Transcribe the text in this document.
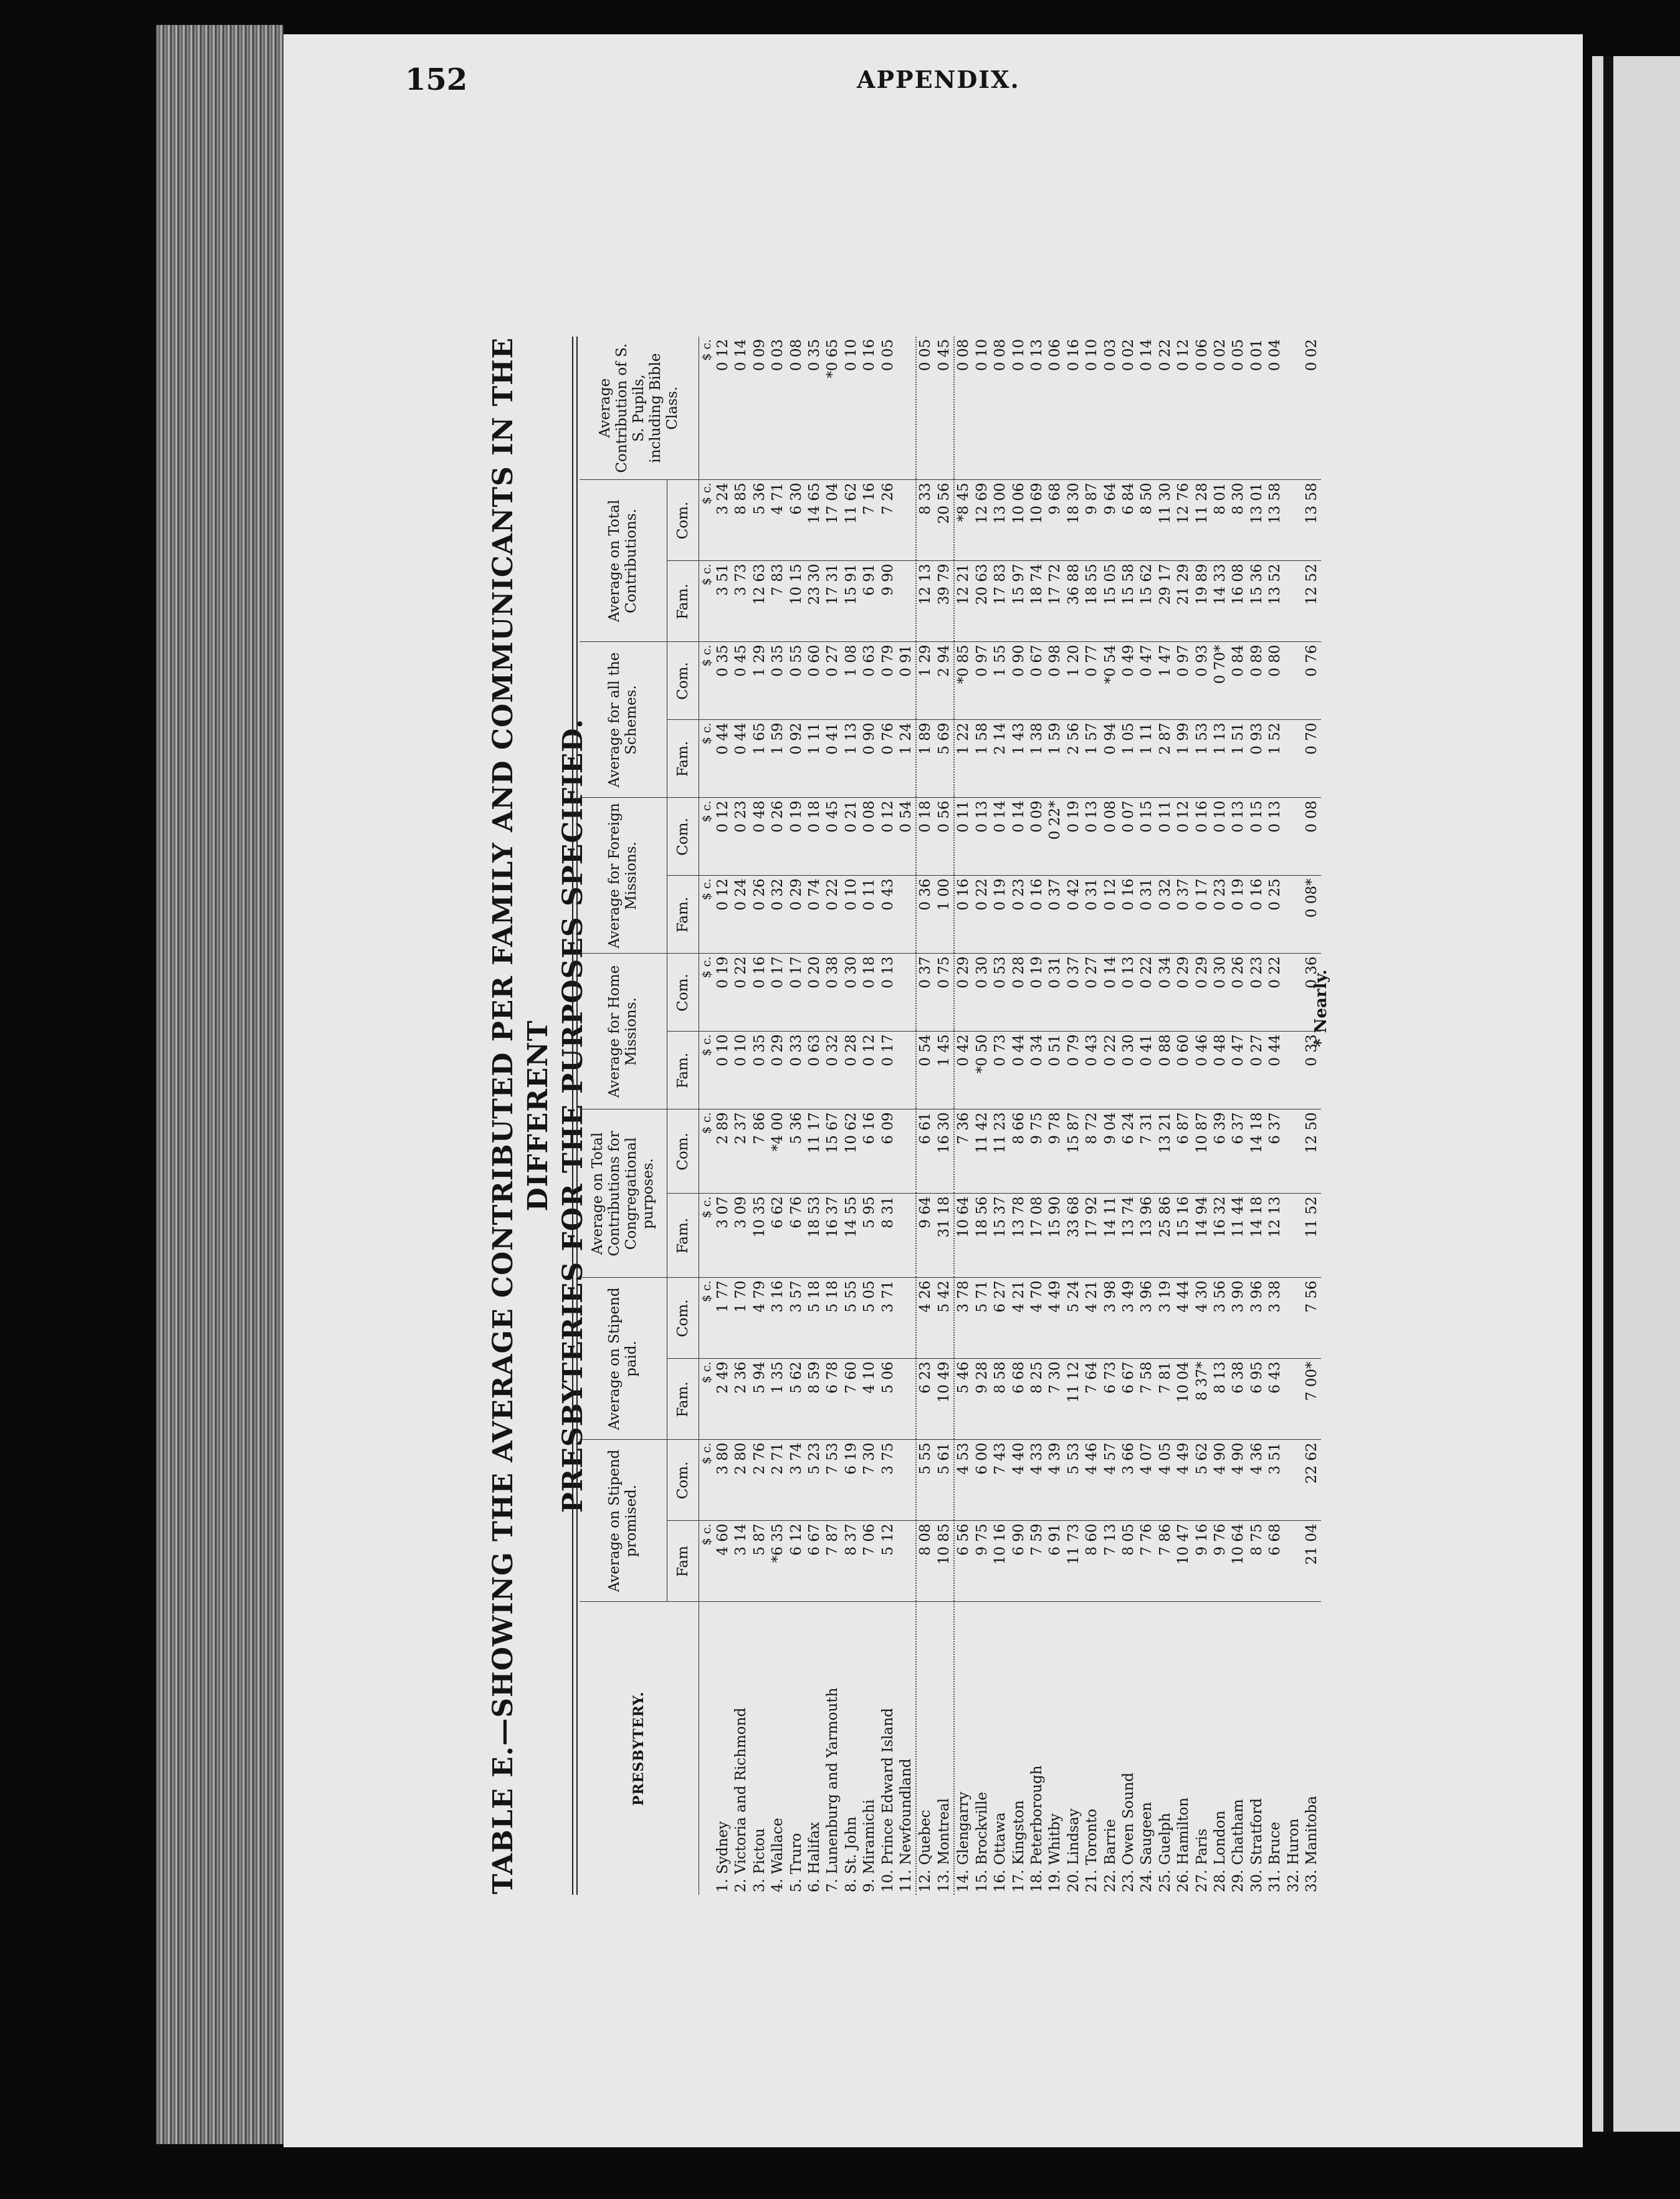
152	APPENDIX.
TABLE E.—SHOWING THE AVERAGE CONTRIBUTED PER FAMILY AND COMMUNICANTS IN THE DIFFERENT PRESBYTERIES FOR THE PURPOSES SPECIFIED.
PRESBYTERY.	Average on Stipend promised.		Average on Stipend paid.		Average on Total Contributions for Congregational purposes.		Average for Home Missions.		Average for Foreign Missions.		Average for all the Schemes.		Average on Total Contributions.		Average Contribution of S. S. Pupils, including Bible Class.
	Fam	Com.	Fam.	Com.	Fam.	Com.	Fam.	Com.	Fam.	Com.	Fam.	Com.	Fam.	Com.	
	$ c.	$ c.	$ c.	$ c.	$ c.	$ c.	$ c.	$ c.	$ c.	$ c.	$ c.	$ c.	$ c.	$ c.	$ c.
1. Sydney	4 60	3 80	2 49	1 77	3 07	2 89	0 10	0 19	0 12	0 12	0 44	0 35	3 51	3 24	0 12
2. Victoria and Richmond	3 14	2 80	2 36	1 70	3 09	2 37	0 10	0 22	0 24	0 23	0 44	0 45	3 73	8 85	0 14
3. Pictou	5 87	2 76	5 94	4 79	10 35	7 86	0 35	0 16	0 26	0 48	1 65	1 29	12 63	5 36	0 09
4. Wallace	*6 35	2 71	1 35	3 16	6 62	*4 00	0 29	0 17	0 32	0 26	1 59	0 35	7 83	4 71	0 03
5. Truro	6 12	3 74	5 62	3 57	6 76	5 36	0 33	0 17	0 29	0 19	0 92	0 55	10 15	6 30	0 08
6. Halifax	6 67	5 23	8 59	5 18	18 53	11 17	0 63	0 20	0 74	0 18	1 11	0 60	23 30	14 65	0 35
7. Lunenburg and Yarmouth	7 87	7 53	6 78	5 18	16 37	15 67	0 32	0 38	0 22	0 45	0 41	0 27	17 31	17 04	*0 65
8. St. John	8 37	6 19	7 60	5 55	14 55	10 62	0 28	0 30	0 10	0 21	1 13	1 08	15 91	11 62	0 10
9. Miramichi	7 06	7 30	4 10	5 05	5 95	6 16	0 12	0 18	0 11	0 08	0 90	0 63	6 91	7 16	0 16
10. Prince Edward Island	5 12	3 75	5 06	3 71	8 31	6 09	0 17	0 13	0 43	0 12	0 76	0 79	9 90	7 26	0 05
11. Newfoundland										0 54	1 24	0 91			
12. Quebec	8 08	5 55	6 23	4 26	9 64	6 61	0 54	0 37	0 36	0 18	1 89	1 29	12 13	8 33	0 05
13. Montreal	10 85	5 61	10 49	5 42	31 18	16 30	1 45	0 75	1 00	0 56	5 69	2 94	39 79	20 56	0 45
14. Glengarry	6 56	4 53	5 46	3 78	10 64	7 36	0 42	0 29	0 16	0 11	1 22	*0 85	12 21	*8 45	0 08
15. Brockville	9 75	6 00	9 28	5 71	18 56	11 42	*0 50	0 30	0 22	0 13	1 58	0 97	20 63	12 69	0 10
16. Ottawa	10 16	7 43	8 58	6 27	15 37	11 23	0 73	0 53	0 19	0 14	2 14	1 55	17 83	13 00	0 08
17. Kingston	6 90	4 40	6 68	4 21	13 78	8 66	0 44	0 28	0 23	0 14	1 43	0 90	15 97	10 06	0 10
18. Peterborough	7 59	4 33	8 25	4 70	17 08	9 75	0 34	0 19	0 16	0 09	1 38	0 67	18 74	10 69	0 13
19. Whitby	6 91	4 39	7 30	4 49	15 90	9 78	0 51	0 31	0 37	0 22*	1 59	0 98	17 72	9 68	0 06
20. Lindsay	11 73	5 53	11 12	5 24	33 68	15 87	0 79	0 37	0 42	0 19	2 56	1 20	36 88	18 30	0 16
21. Toronto	8 60	4 46	7 64	4 21	17 92	8 72	0 43	0 27	0 31	0 13	1 57	0 77	18 55	9 87	0 10
22. Barrie	7 13	4 57	6 73	3 98	14 11	9 04	0 22	0 14	0 12	0 08	0 94	*0 54	15 05	9 64	0 03
23. Owen Sound	8 05	3 66	6 67	3 49	13 74	6 24	0 30	0 13	0 16	0 07	1 05	0 49	15 58	6 84	0 02
24. Saugeen	7 76	4 07	7 58	3 96	13 96	7 31	0 41	0 22	0 31	0 15	1 11	0 47	15 62	8 50	0 14
25. Guelph	7 86	4 05	7 81	3 19	25 86	13 21	0 88	0 34	0 32	0 11	2 87	1 47	29 17	11 30	0 22
26. Hamilton	10 47	4 49	10 04	4 44	15 16	6 87	0 60	0 29	0 37	0 12	1 99	0 97	21 29	12 76	0 12
27. Paris	9 16	5 62	8 37*	4 30	14 94	10 87	0 46	0 29	0 17	0 16	1 53	0 93	19 89	11 28	0 06
28. London	9 76	4 90	8 13	3 56	16 32	6 39	0 48	0 30	0 23	0 10	1 13	0 70*	14 33	8 01	0 02
29. Chatham	10 64	4 90	6 38	3 90	11 44	6 37	0 47	0 26	0 19	0 13	1 51	0 84	16 08	8 30	0 05
30. Stratford	8 75	4 36	6 95	3 96	14 18	14 18	0 27	0 23	0 16	0 15	0 93	0 89	15 36	13 01	0 01
31. Bruce	6 68	3 51	6 43	3 38	12 13	6 37	0 44	0 22	0 25	0 13	1 52	0 80	13 52	13 58	0 04
32. Huron															
33. Manitoba	21 04	22 62	7 00*	7 56	11 52	12 50	0 33	0 36	0 08*	0 08	0 70	0 76	12 52	13 58	0 02
* Nearly.
